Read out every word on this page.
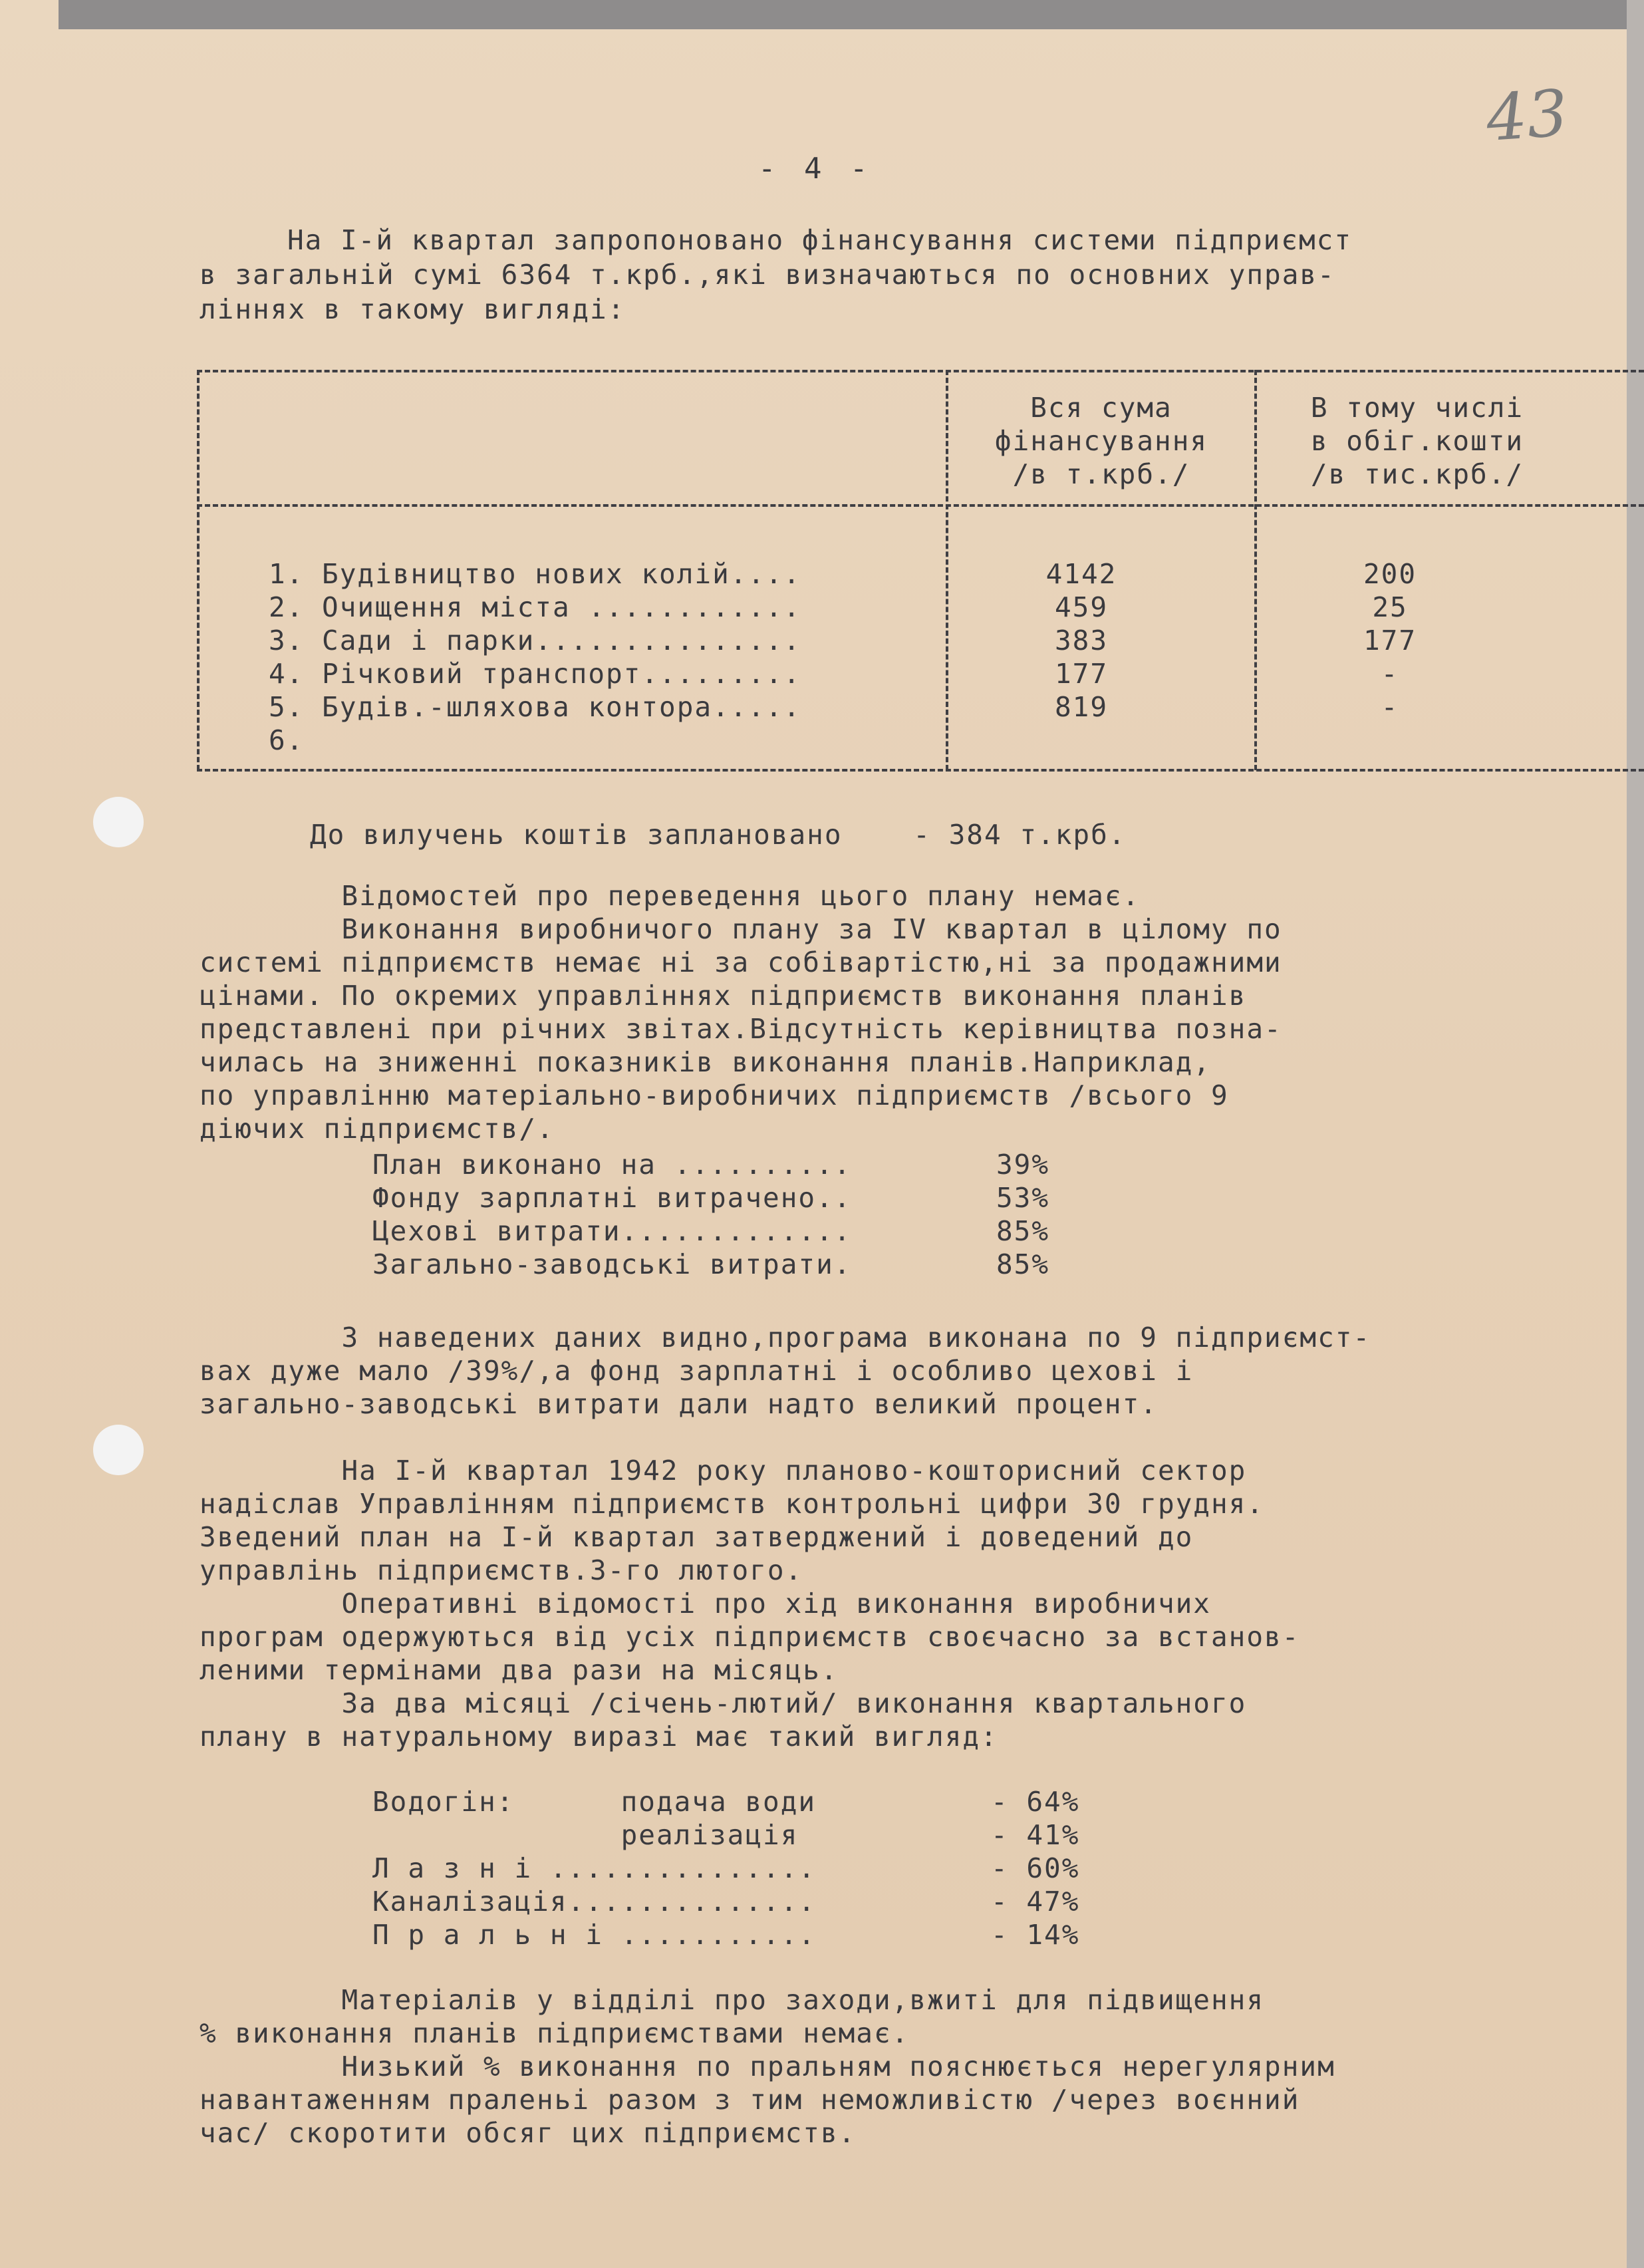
43
- 4 -
На І-й квартал запропоновано фінансування системи підприємст
в загальній сумі 6364 т.крб.,які визначаються по основних управ-
ліннях в такому вигляді:
Вся сума
фінансування
/в т.крб./
В тому числі
в обіг.кошти
/в тис.крб./
1. Будівництво нових колій....	4142	200
2. Очищення міста ............	459	25
3. Сади і парки...............	383	177
4. Річковий транспорт.........	177	-
5. Будів.-шляхова контора.....	819	-
6.
До вилучень коштів заплановано    - 384 т.крб.
Відомостей про переведення цього плану немає.
Виконання виробничого плану за IV квартал в цілому по
системі підприємств немає ні за собівартістю,ні за продажними
цінами. По окремих управліннях підприємств виконання планів
представлені при річних звітах.Відсутність керівництва позна-
чилась на зниженні показників виконання планів.Наприклад,
по управлінню матеріально-виробничих підприємств /всього 9
діючих підприємств/.
План виконано на ..........	39%
Фонду зарплатні витрачено..	53%
Цехові витрати.............	85%
Загально-заводські витрати.	85%
З наведених даних видно,програма виконана по 9 підприємст-
вах дуже мало /39%/,а фонд зарплатні і особливо цехові і
загально-заводські витрати дали надто великий процент.
На І-й квартал 1942 року планово-кошторисний сектор
надіслав Управлінням підприємств контрольні цифри 30 грудня.
Зведений план на І-й квартал затверджений і доведений до
управлінь підприємств.3-го лютого.
Оперативні відомості про хід виконання виробничих
програм одержуються від усіх підприємств своєчасно за встанов-
леними термінами два рази на місяць.
За два місяці /січень-лютий/ виконання квартального
плану в натуральному виразі має такий вигляд:
Водогін:      подача води	- 64%
реалізація	- 41%
Л а з н і ...............	- 60%
Каналізація..............	- 47%
П р а л ь н і ...........	- 14%
Матеріалів у відділі про заходи,вжиті для підвищення
% виконання планів підприємствами немає.
Низький % виконання по пральням пояснюється нерегулярним
навантаженням праленьі разом з тим неможливістю /через воєнний
час/ скоротити обсяг цих підприємств.
